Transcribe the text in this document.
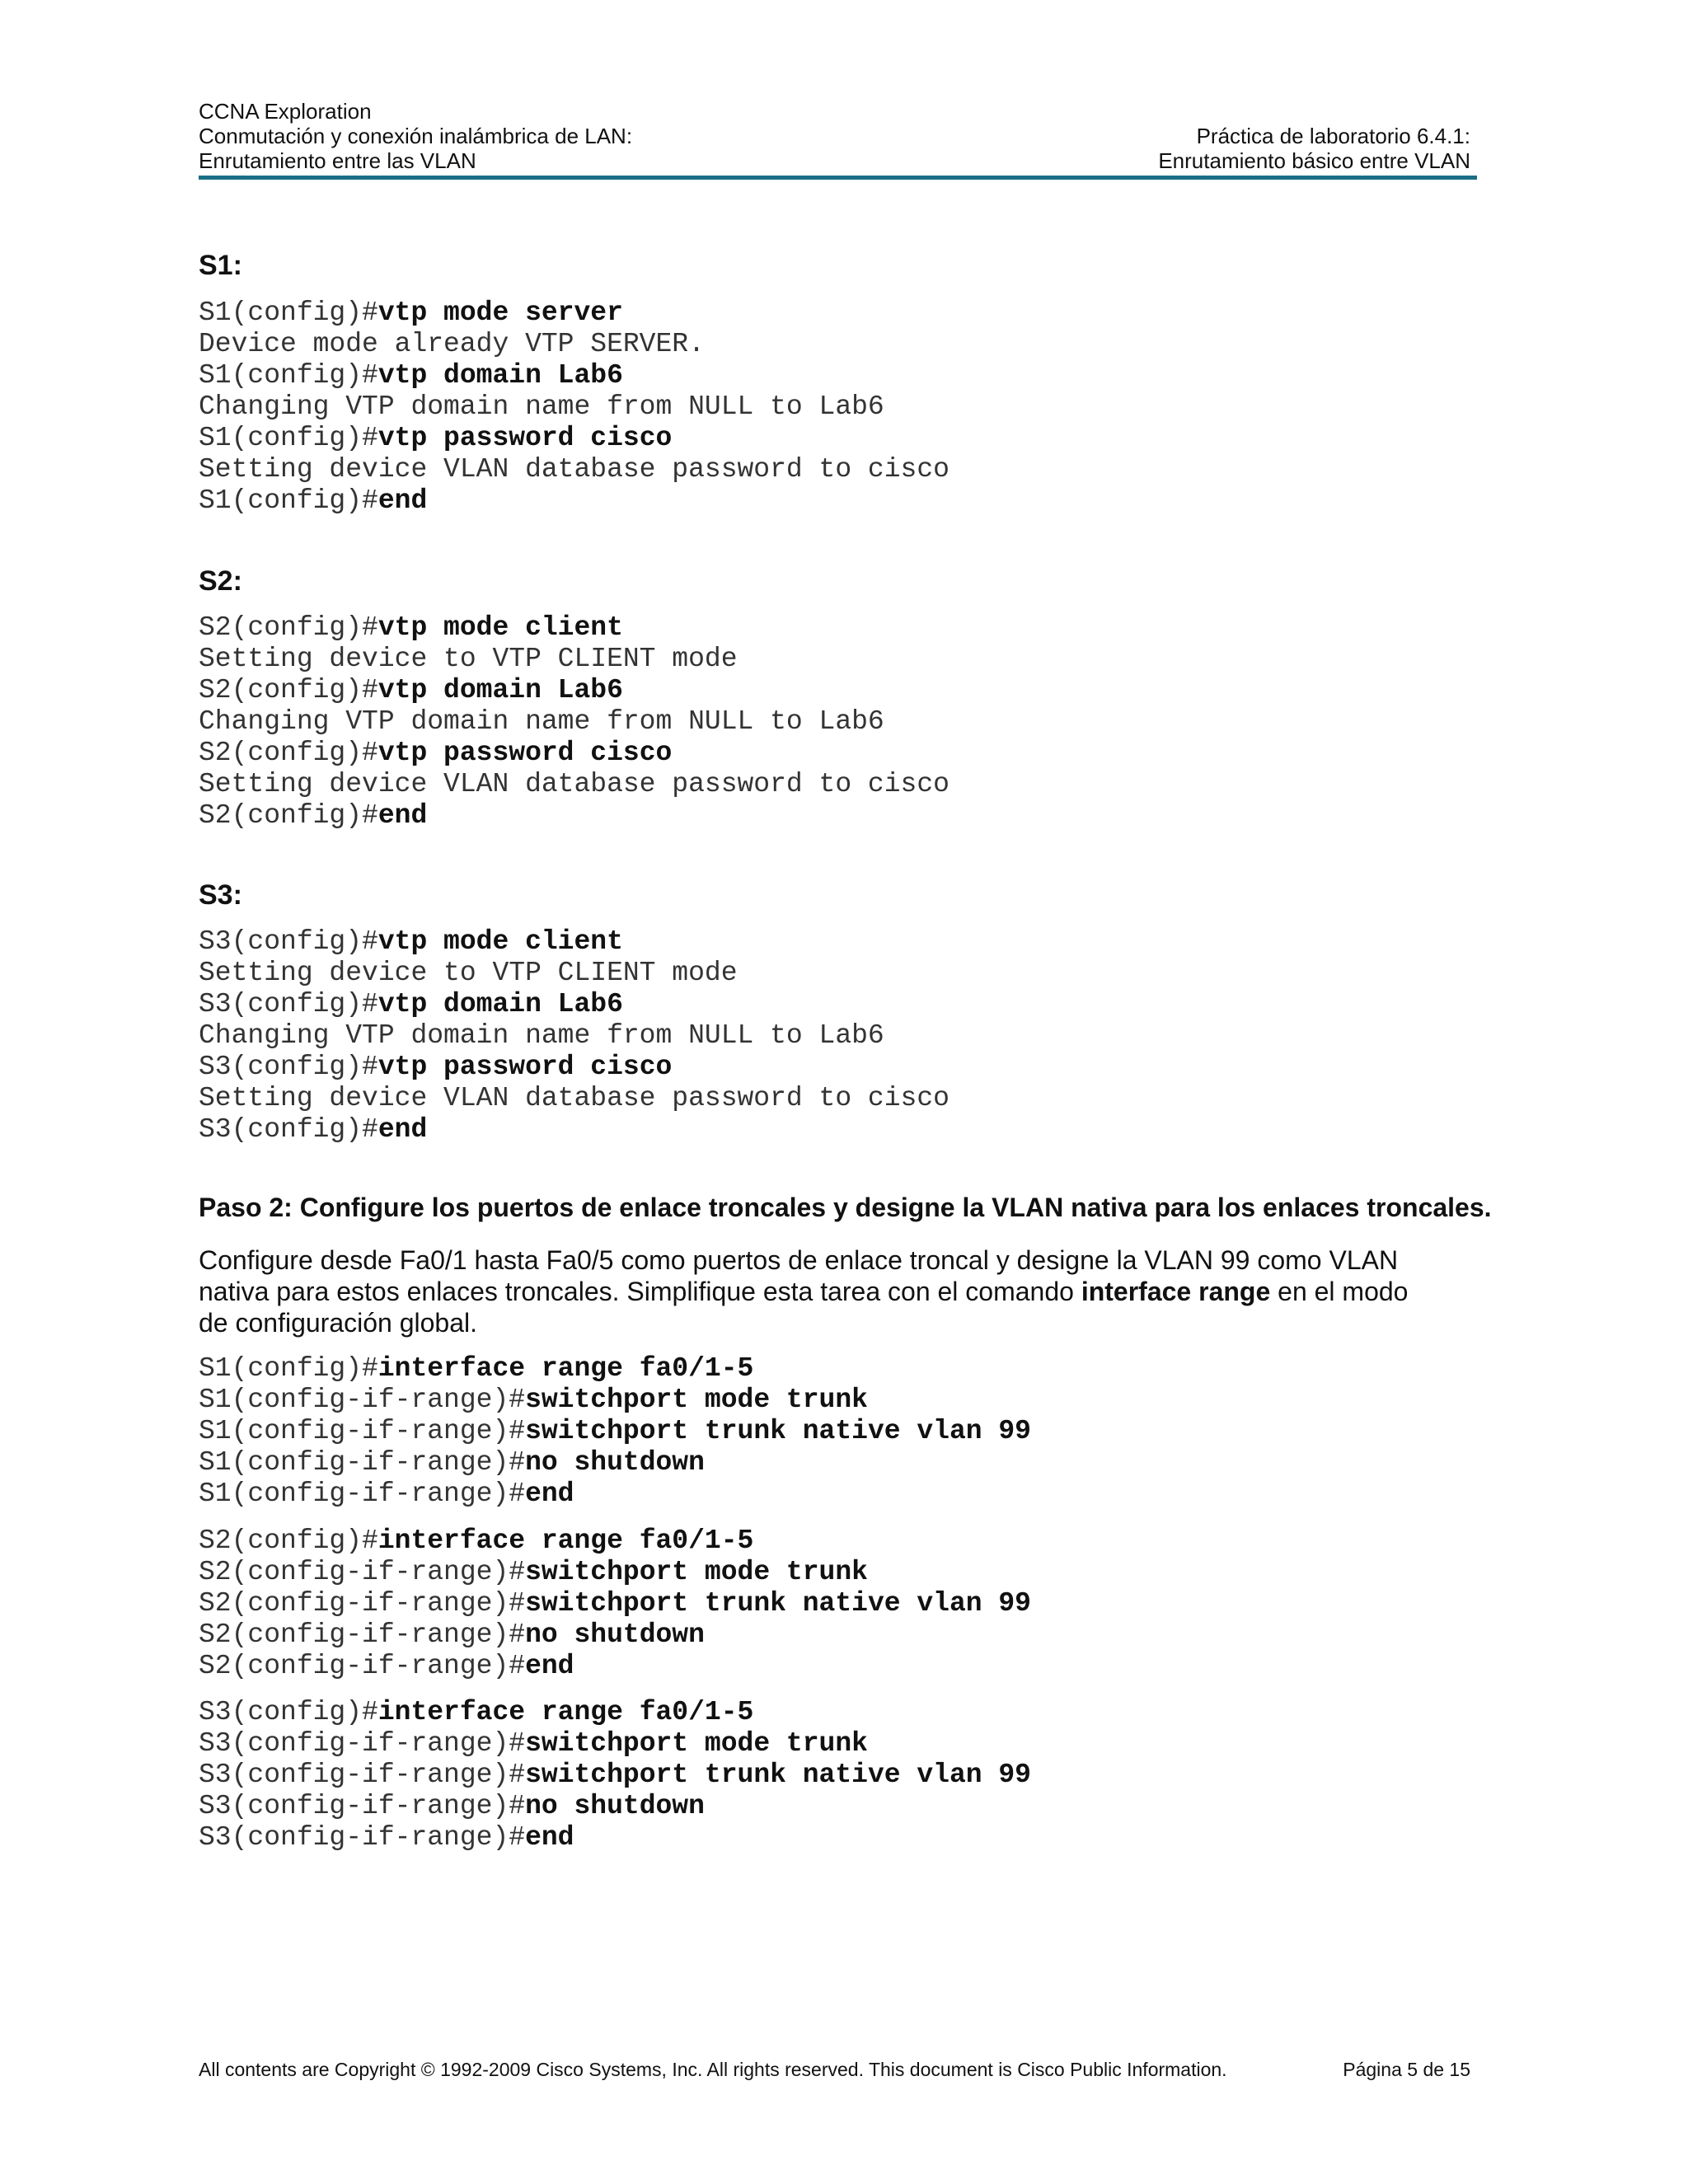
CCNA Exploration
Conmutación y conexión inalámbrica de LAN:
Enrutamiento entre las VLAN
Práctica de laboratorio 6.4.1:
Enrutamiento básico entre VLAN
S1:
S1(config)#vtp mode server
Device mode already VTP SERVER.
S1(config)#vtp domain Lab6
Changing VTP domain name from NULL to Lab6
S1(config)#vtp password cisco
Setting device VLAN database password to cisco
S1(config)#end
S2:
S2(config)#vtp mode client
Setting device to VTP CLIENT mode
S2(config)#vtp domain Lab6
Changing VTP domain name from NULL to Lab6
S2(config)#vtp password cisco
Setting device VLAN database password to cisco
S2(config)#end
S3:
S3(config)#vtp mode client
Setting device to VTP CLIENT mode
S3(config)#vtp domain Lab6
Changing VTP domain name from NULL to Lab6
S3(config)#vtp password cisco
Setting device VLAN database password to cisco
S3(config)#end
Paso 2: Configure los puertos de enlace troncales y designe la VLAN nativa para los enlaces troncales.
Configure desde Fa0/1 hasta Fa0/5 como puertos de enlace troncal y designe la VLAN 99 como VLAN
nativa para estos enlaces troncales. Simplifique esta tarea con el comando interface range en el modo
de configuración global.
S1(config)#interface range fa0/1-5
S1(config-if-range)#switchport mode trunk
S1(config-if-range)#switchport trunk native vlan 99
S1(config-if-range)#no shutdown
S1(config-if-range)#end
S2(config)#interface range fa0/1-5
S2(config-if-range)#switchport mode trunk
S2(config-if-range)#switchport trunk native vlan 99
S2(config-if-range)#no shutdown
S2(config-if-range)#end
S3(config)#interface range fa0/1-5
S3(config-if-range)#switchport mode trunk
S3(config-if-range)#switchport trunk native vlan 99
S3(config-if-range)#no shutdown
S3(config-if-range)#end
All contents are Copyright © 1992-2009 Cisco Systems, Inc. All rights reserved. This document is Cisco Public Information.	Página 5 de 15
